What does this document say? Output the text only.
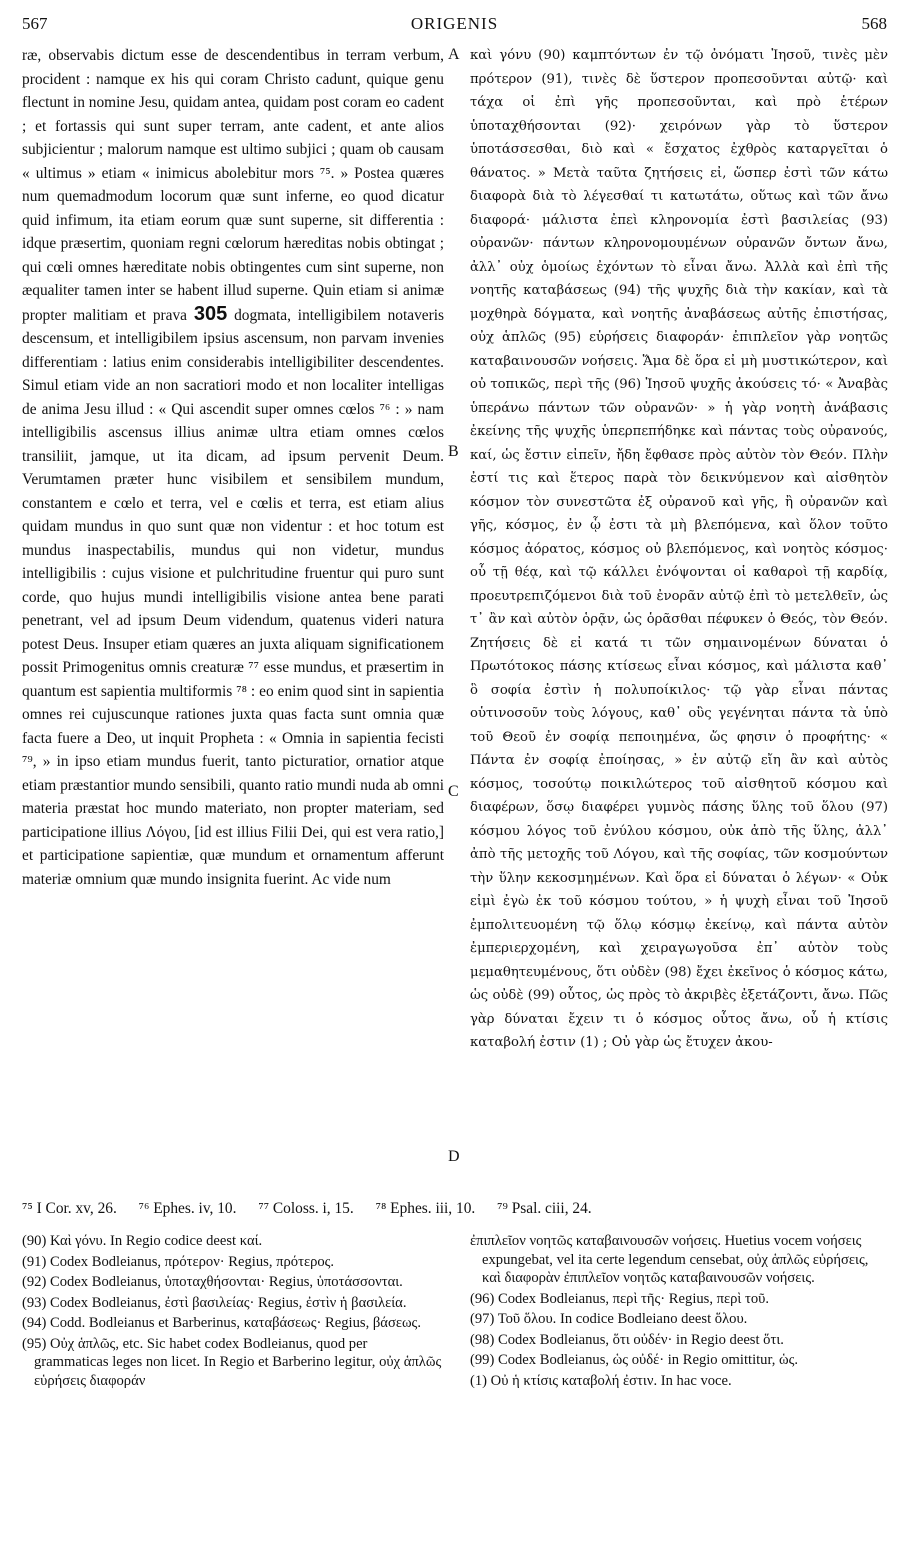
567	ORIGENIS	568
ræ, observabis dictum esse de descendentibus in terram verbum, procident : namque ex his qui coram Christo cadunt, quique genu flectunt in nomine Jesu, quidam antea, quidam post coram eo cadent ; et fortassis qui sunt super terram, ante cadent, et ante alios subjicientur ; malorum namque est ultimo subjici ; quam ob causam « ultimus » etiam « inimicus abolebitur mors ⁷⁵. » Postea quæres num quemadmodum locorum quæ sunt inferne, eo quod dicatur quid infimum, ita etiam eorum quæ sunt superne, sit differentia : idque præsertim, quoniam regni cœlorum hæreditas nobis obtingat ; qui cœli omnes hæreditate nobis obtingentes cum sint superne, non æqualiter tamen inter se habent illud superne. Quin etiam si animæ propter malitiam et prava 305 dogmata, intelligibilem notaveris descensum, et intelligibilem ipsius ascensum, non parvam invenies differentiam : latius enim considerabis intelligibiliter descendentes. Simul etiam vide an non sacratiori modo et non localiter intelligas de anima Jesu illud : « Qui ascendit super omnes cœlos ⁷⁶ : » nam intelligibilis ascensus illius animæ ultra etiam omnes cœlos transiliit, jamque, ut ita dicam, ad ipsum pervenit Deum. Verumtamen præter hunc visibilem et sensibilem mundum, constantem e cœlo et terra, vel e cœlis et terra, est etiam alius quidam mundus in quo sunt quæ non videntur : et hoc totum est mundus inaspectabilis, mundus qui non videtur, mundus intelligibilis : cujus visione et pulchritudine fruentur qui puro sunt corde, quo hujus mundi intelligibilis visione antea bene parati penetrant, vel ad ipsum Deum videndum, quatenus videri natura potest Deus. Insuper etiam quæres an juxta aliquam significationem possit Primogenitus omnis creaturæ ⁷⁷ esse mundus, et præsertim in quantum est sapientia multiformis ⁷⁸ : eo enim quod sint in sapientia omnes rei cujuscunque rationes juxta quas facta sunt omnia quæ facta fuere a Deo, ut inquit Propheta : « Omnia in sapientia fecisti ⁷⁹, » in ipso etiam mundus fuerit, tanto picturatior, ornatior atque etiam præstantior mundo sensibili, quanto ratio mundi nuda ab omni materia præstat hoc mundo materiato, non propter materiam, sed participatione illius Λόγου, [id est illius Filii Dei, qui est vera ratio,] et participatione sapientiæ, quæ mundum et ornamentum afferunt materiæ omnium quæ mundo insignita fuerint. Ac vide num
A
B
C
D
καὶ γόνυ (90) καμπτόντων ἐν τῷ ὀνόματι Ἰησοῦ, τινὲς μὲν πρότερον (91), τινὲς δὲ ὕστερον προπεσοῦνται αὐτῷ· καὶ τάχα οἱ ἐπὶ γῆς προπεσοῦνται, καὶ πρὸ ἑτέρων ὑποταχθήσονται (92)· χειρόνων γὰρ τὸ ὕστερον ὑποτάσσεσθαι, διὸ καὶ « ἔσχατος ἐχθρὸς καταργεῖται ὁ θάνατος. » Μετὰ ταῦτα ζητήσεις εἰ, ὥσπερ ἐστὶ τῶν κάτω διαφορὰ διὰ τὸ λέγεσθαί τι κατωτάτω, οὕτως καὶ τῶν ἄνω διαφορά· μάλιστα ἐπεὶ κληρονομία ἐστὶ βασιλείας (93) οὐρανῶν· πάντων κληρονομουμένων οὐρανῶν ὄντων ἄνω, ἀλλ᾽ οὐχ ὁμοίως ἐχόντων τὸ εἶναι ἄνω. Ἀλλὰ καὶ ἐπὶ τῆς νοητῆς καταβάσεως (94) τῆς ψυχῆς διὰ τὴν κακίαν, καὶ τὰ μοχθηρὰ δόγματα, καὶ νοητῆς ἀναβάσεως αὐτῆς ἐπιστήσας, οὐχ ἁπλῶς (95) εὑρήσεις διαφοράν· ἐπιπλεῖον γὰρ νοητῶς καταβαινουσῶν νοήσεις. Ἅμα δὲ ὅρα εἰ μὴ μυστικώτερον, καὶ οὐ τοπικῶς, περὶ τῆς (96) Ἰησοῦ ψυχῆς ἀκούσεις τό· « Ἀναβὰς ὑπεράνω πάντων τῶν οὐρανῶν· » ἡ γὰρ νοητὴ ἀνάβασις ἐκείνης τῆς ψυχῆς ὑπερπεπήδηκε καὶ πάντας τοὺς οὐρανούς, καί, ὡς ἔστιν εἰπεῖν, ἤδη ἔφθασε πρὸς αὐτὸν τὸν Θεόν. Πλὴν ἐστί τις καὶ ἕτερος παρὰ τὸν δεικνύμενον καὶ αἰσθητὸν κόσμον τὸν συνεστῶτα ἐξ οὐρανοῦ καὶ γῆς, ἢ οὐρανῶν καὶ γῆς, κόσμος, ἐν ᾧ ἐστι τὰ μὴ βλεπόμενα, καὶ ὅλον τοῦτο κόσμος ἀόρατος, κόσμος οὐ βλεπόμενος, καὶ νοητὸς κόσμος· οὗ τῇ θέᾳ, καὶ τῷ κάλλει ἐνόψονται οἱ καθαροὶ τῇ καρδίᾳ, προευτρεπιζόμενοι διὰ τοῦ ἐνορᾶν αὐτῷ ἐπὶ τὸ μετελθεῖν, ὡς τ᾽ ἂν καὶ αὐτὸν ὁρᾷν, ὡς ὁρᾶσθαι πέφυκεν ὁ Θεός, τὸν Θεόν. Ζητήσεις δὲ εἰ κατά τι τῶν σημαινομένων δύναται ὁ Πρωτότοκος πάσης κτίσεως εἶναι κόσμος, καὶ μάλιστα καθ᾽ ὃ σοφία ἐστὶν ἡ πολυποίκιλος· τῷ γὰρ εἶναι πάντας οὑτινοσοῦν τοὺς λόγους, καθ᾽ οὓς γεγένηται πάντα τὰ ὑπὸ τοῦ Θεοῦ ἐν σοφίᾳ πεποιημένα, ὥς φησιν ὁ προφήτης· « Πάντα ἐν σοφίᾳ ἐποίησας, » ἐν αὐτῷ εἴη ἂν καὶ αὐτὸς κόσμος, τοσούτῳ ποικιλώτερος τοῦ αἰσθητοῦ κόσμου καὶ διαφέρων, ὅσῳ διαφέρει γυμνὸς πάσης ὕλης τοῦ ὅλου (97) κόσμου λόγος τοῦ ἐνύλου κόσμου, οὐκ ἀπὸ τῆς ὕλης, ἀλλ᾽ ἀπὸ τῆς μετοχῆς τοῦ Λόγου, καὶ τῆς σοφίας, τῶν κοσμούντων τὴν ὕλην κεκοσμημένων. Καὶ ὅρα εἰ δύναται ὁ λέγων· « Οὐκ εἰμὶ ἐγὼ ἐκ τοῦ κόσμου τούτου, » ἡ ψυχὴ εἶναι τοῦ Ἰησοῦ ἐμπολιτευομένη τῷ ὅλῳ κόσμῳ ἐκείνῳ, καὶ πάντα αὐτὸν ἐμπεριερχομένη, καὶ χειραγωγοῦσα ἐπ᾽ αὐτὸν τοὺς μεμαθητευμένους, ὅτι οὐδὲν (98) ἔχει ἐκεῖνος ὁ κόσμος κάτω, ὡς οὐδὲ (99) οὗτος, ὡς πρὸς τὸ ἀκριβὲς ἐξετάζοντι, ἄνω. Πῶς γὰρ δύναται ἔχειν τι ὁ κόσμος οὗτος ἄνω, οὗ ἡ κτίσις καταβολή ἐστιν (1) ; Οὐ γὰρ ὡς ἔτυχεν ἀκου-
⁷⁵ I Cor. xv, 26. ⁷⁶ Ephes. iv, 10. ⁷⁷ Coloss. i, 15. ⁷⁸ Ephes. iii, 10. ⁷⁹ Psal. ciii, 24.

(90) Καὶ γόνυ. In Regio codice deest καί.

(91) Codex Bodleianus, πρότερον· Regius, πρότερος.

(92) Codex Bodleianus, ὑποταχθήσονται· Regius, ὑποτάσσονται.

(93) Codex Bodleianus, ἐστὶ βασιλείας· Regius, ἐστὶν ἡ βασιλεία.

(94) Codd. Bodleianus et Barberinus, καταβάσεως· Regius, βάσεως.

(95) Οὐχ ἁπλῶς, etc. Sic habet codex Bodleianus, quod per grammaticas leges non licet. In Regio et Barberino legitur, οὐχ ἁπλῶς εὑρήσεις διαφοράν

ἐπιπλεῖον νοητῶς καταβαινουσῶν νοήσεις. Huetius vocem νοήσεις expungebat, vel ita certe legendum censebat, οὐχ ἁπλῶς εὑρήσεις, καὶ διαφορὰν ἐπιπλεῖον νοητῶς καταβαινουσῶν νοήσεις.

(96) Codex Bodleianus, περὶ τῆς· Regius, περὶ τοῦ.

(97) Τοῦ ὅλου. In codice Bodleiano deest ὅλου.

(98) Codex Bodleianus, ὅτι οὐδέν· in Regio deest ὅτι.

(99) Codex Bodleianus, ὡς οὐδέ· in Regio omittitur, ὡς.

(1) Οὐ ἡ κτίσις καταβολή ἐστιν. In hac voce.
